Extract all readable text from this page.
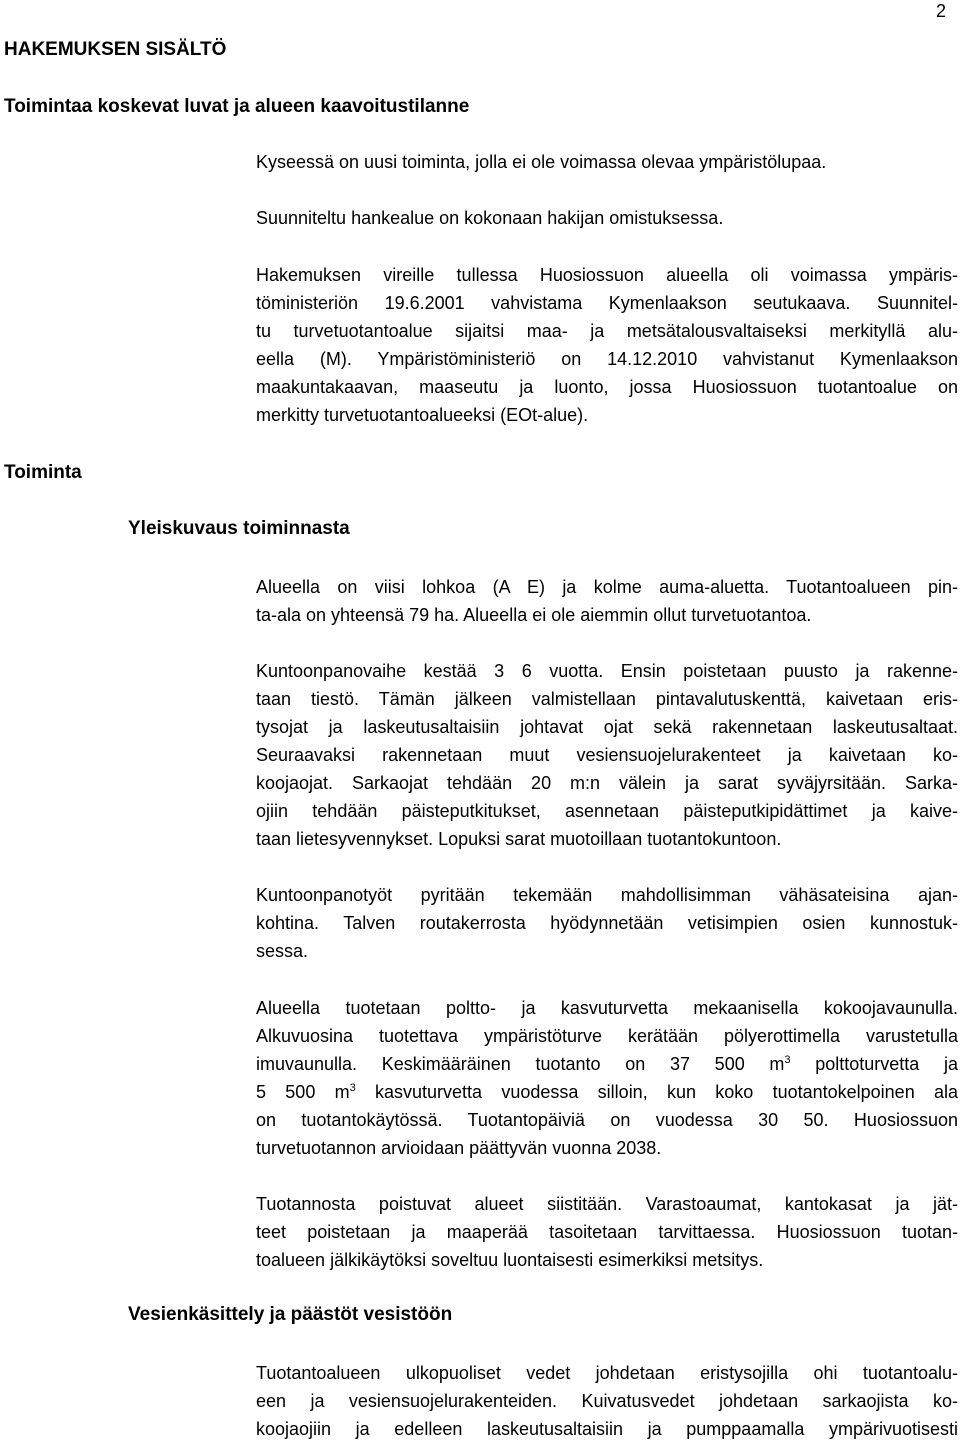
2
HAKEMUKSEN SISÄLTÖ
Toimintaa koskevat luvat ja alueen kaavoitustilanne
Kyseessä on uusi toiminta, jolla ei ole voimassa olevaa ympäristölupaa.
Suunniteltu hankealue on kokonaan hakijan omistuksessa.
Hakemuksen vireille tullessa Huosiossuon alueella oli voimassa ympäris-
töministeriön 19.6.2001 vahvistama Kymenlaakson seutukaava. Suunnitel-
tu turvetuotantoalue sijaitsi maa- ja metsätalousvaltaiseksi merkityllä alu-
eella (M). Ympäristöministeriö on 14.12.2010 vahvistanut Kymenlaakson
maakuntakaavan, maaseutu ja luonto, jossa Huosiossuon tuotantoalue on
merkitty turvetuotantoalueeksi (EOt-alue).
Toiminta
Yleiskuvaus toiminnasta
Alueella on viisi lohkoa (A E) ja kolme auma-aluetta. Tuotantoalueen pin-
ta-ala on yhteensä 79 ha. Alueella ei ole aiemmin ollut turvetuotantoa.
Kuntoonpanovaihe kestää 3 6 vuotta. Ensin poistetaan puusto ja rakenne-
taan tiestö. Tämän jälkeen valmistellaan pintavalutuskenttä, kaivetaan eris-
tysojat ja laskeutusaltaisiin johtavat ojat sekä rakennetaan laskeutusaltaat.
Seuraavaksi rakennetaan muut vesiensuojelurakenteet ja kaivetaan ko-
koojaojat. Sarkaojat tehdään 20 m:n välein ja sarat syväjyrsitään. Sarka-
ojiin tehdään päisteputkitukset, asennetaan päisteputkipidättimet ja kaive-
taan lietesyvennykset. Lopuksi sarat muotoillaan tuotantokuntoon.
Kuntoonpanotyöt pyritään tekemään mahdollisimman vähäsateisina ajan-
kohtina. Talven routakerrosta hyödynnetään vetisimpien osien kunnostuk-
sessa.
Alueella tuotetaan poltto- ja kasvuturvetta mekaanisella kokoojavaunulla.
Alkuvuosina tuotettava ympäristöturve kerätään pölyerottimella varustetulla
imuvaunulla. Keskimääräinen tuotanto on 37 500 $m^3$ polttoturvetta ja
5 500 $m^3$ kasvuturvetta vuodessa silloin, kun koko tuotantokelpoinen ala
on tuotantokäytössä. Tuotantopäiviä on vuodessa 30 50. Huosiossuon
turvetuotannon arvioidaan päättyvän vuonna 2038.
Tuotannosta poistuvat alueet siistitään. Varastoaumat, kantokasat ja jät-
teet poistetaan ja maaperää tasoitetaan tarvittaessa. Huosiossuon tuotan-
toalueen jälkikäytöksi soveltuu luontaisesti esimerkiksi metsitys.
Vesienkäsittely ja päästöt vesistöön
Tuotantoalueen ulkopuoliset vedet johdetaan eristysojilla ohi tuotantoalu-
een ja vesiensuojelurakenteiden. Kuivatusvedet johdetaan sarkaojista ko-
koojaojiin ja edelleen laskeutusaltaisiin ja pumppaamalla ympärivuotisesti
